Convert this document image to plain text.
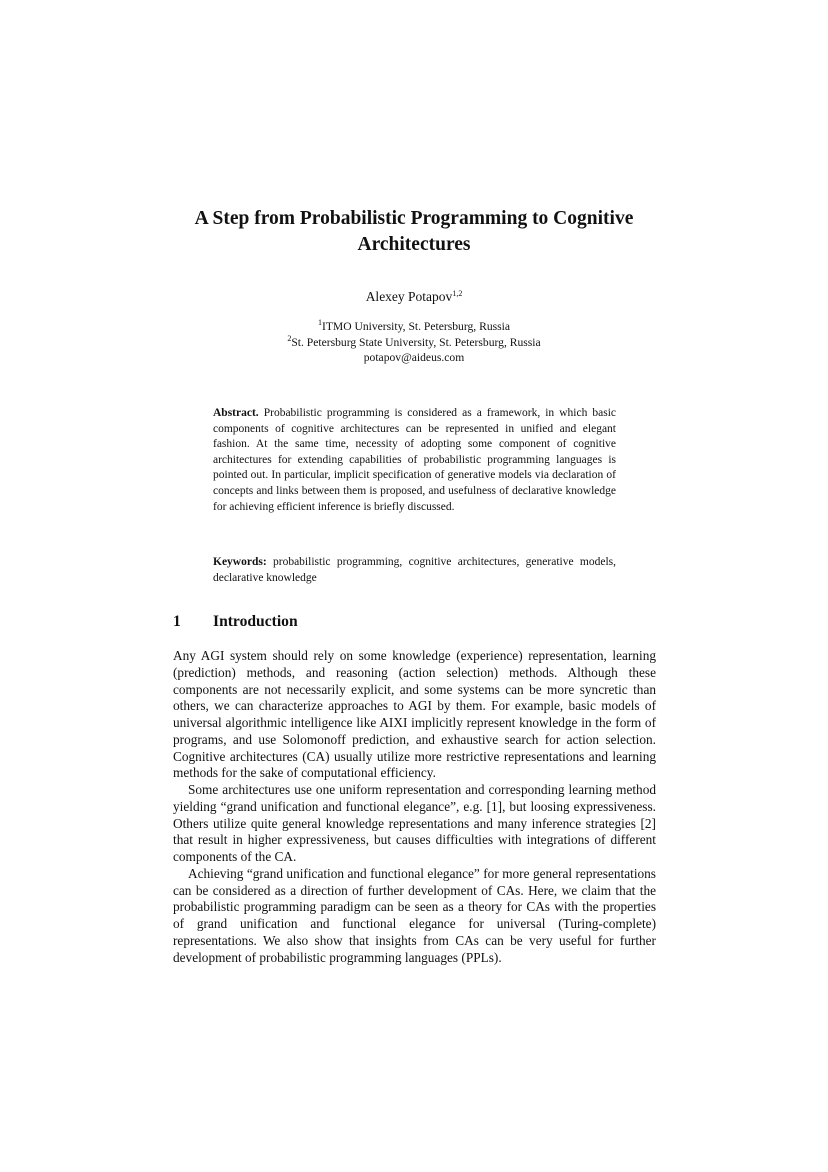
A Step from Probabilistic Programming to Cognitive Architectures
Alexey Potapov$^{1,2}$
$^1$ITMO University, St. Petersburg, Russia
$^2$St. Petersburg State University, St. Petersburg, Russia
potapov@aideus.com

Abstract. Probabilistic programming is considered as a framework, in which basic components of cognitive architectures can be represented in unified and elegant fashion. At the same time, necessity of adopting some component of cognitive architectures for extending capabilities of probabilistic programming languages is pointed out. In particular, implicit specification of generative models via declaration of concepts and links between them is proposed, and usefulness of declarative knowledge for achieving efficient inference is briefly discussed.

Keywords: probabilistic programming, cognitive architectures, generative models, declarative knowledge

1 Introduction

Any AGI system should rely on some knowledge (experience) representation, learning (prediction) methods, and reasoning (action selection) methods. Although these components are not necessarily explicit, and some systems can be more syncretic than others, we can characterize approaches to AGI by them. For example, basic models of universal algorithmic intelligence like AIXI implicitly represent knowledge in the form of programs, and use Solomonoff prediction, and exhaustive search for action selection. Cognitive architectures (CA) usually utilize more restrictive representations and learning methods for the sake of computational efficiency.

Some architectures use one uniform representation and corresponding learning method yielding “grand unification and functional elegance”, e.g. [1], but loosing expressiveness. Others utilize quite general knowledge representations and many inference strategies [2] that result in higher expressiveness, but causes difficulties with integrations of different components of the CA.

Achieving “grand unification and functional elegance” for more general representations can be considered as a direction of further development of CAs. Here, we claim that the probabilistic programming paradigm can be seen as a theory for CAs with the properties of grand unification and functional elegance for universal (Turing-complete) representations. We also show that insights from CAs can be very useful for further development of probabilistic programming languages (PPLs).
